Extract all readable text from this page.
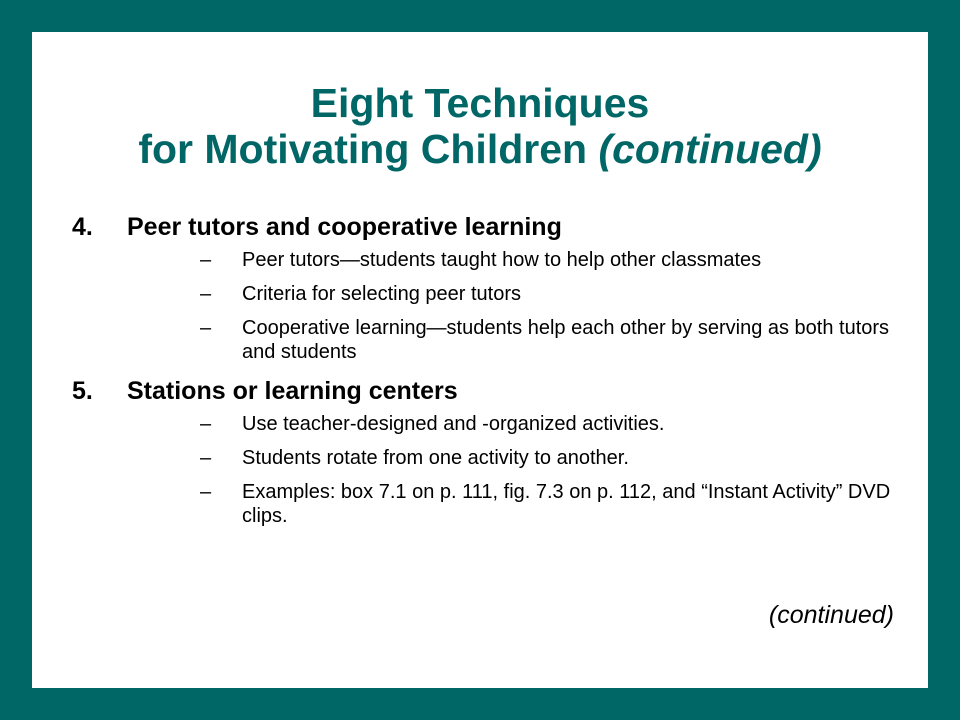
Eight Techniques
for Motivating Children (continued)
4. Peer tutors and cooperative learning
– Peer tutors—students taught how to help other classmates
– Criteria for selecting peer tutors
– Cooperative learning—students help each other by serving as both tutors and students
5. Stations or learning centers
– Use teacher-designed and -organized activities.
– Students rotate from one activity to another.
– Examples: box 7.1 on p. 111, fig. 7.3 on p. 112, and “Instant Activity” DVD clips.
(continued)
